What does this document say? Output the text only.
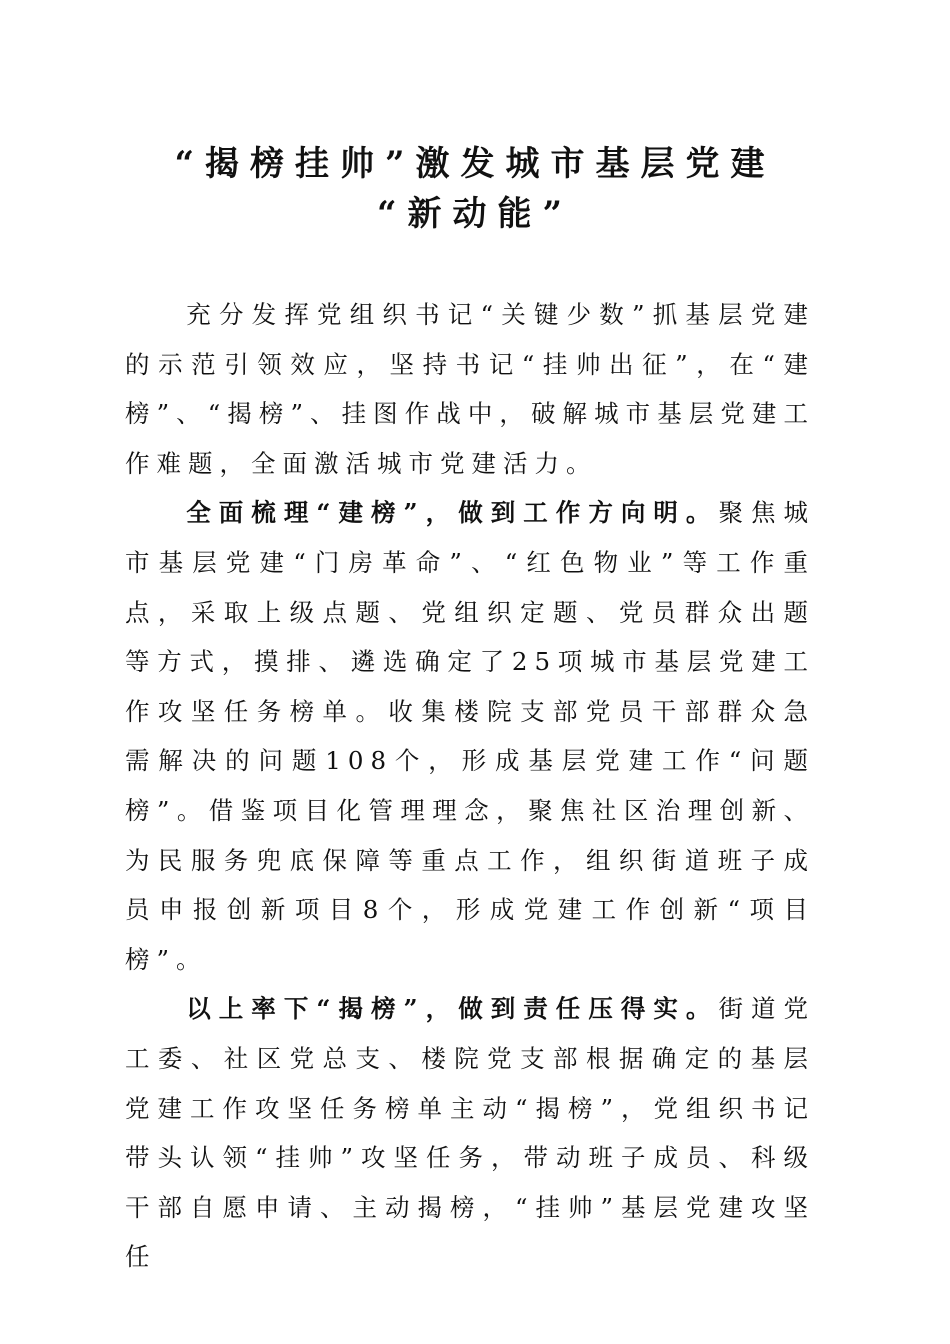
“揭榜挂帅”激发城市基层党建
“新动能”

充分发挥党组织书记“关键少数”抓基层党建的示范引领效应，坚持书记“挂帅出征”，在“建榜”、“揭榜”、挂图作战中，破解城市基层党建工作难题，全面激活城市党建活力。

全面梳理“建榜”，做到工作方向明。聚焦城市基层党建“门房革命”、“红色物业”等工作重点，采取上级点题、党组织定题、党员群众出题等方式，摸排、遴选确定了25项城市基层党建工作攻坚任务榜单。收集楼院支部党员干部群众急需解决的问题108个，形成基层党建工作“问题榜”。借鉴项目化管理理念，聚焦社区治理创新、为民服务兜底保障等重点工作，组织街道班子成员申报创新项目8个，形成党建工作创新“项目榜”。

以上率下“揭榜”，做到责任压得实。街道党工委、社区党总支、楼院党支部根据确定的基层党建工作攻坚任务榜单主动“揭榜”，党组织书记带头认领“挂帅”攻坚任务，带动班子成员、科级干部自愿申请、主动揭榜，“挂帅”基层党建攻坚任
